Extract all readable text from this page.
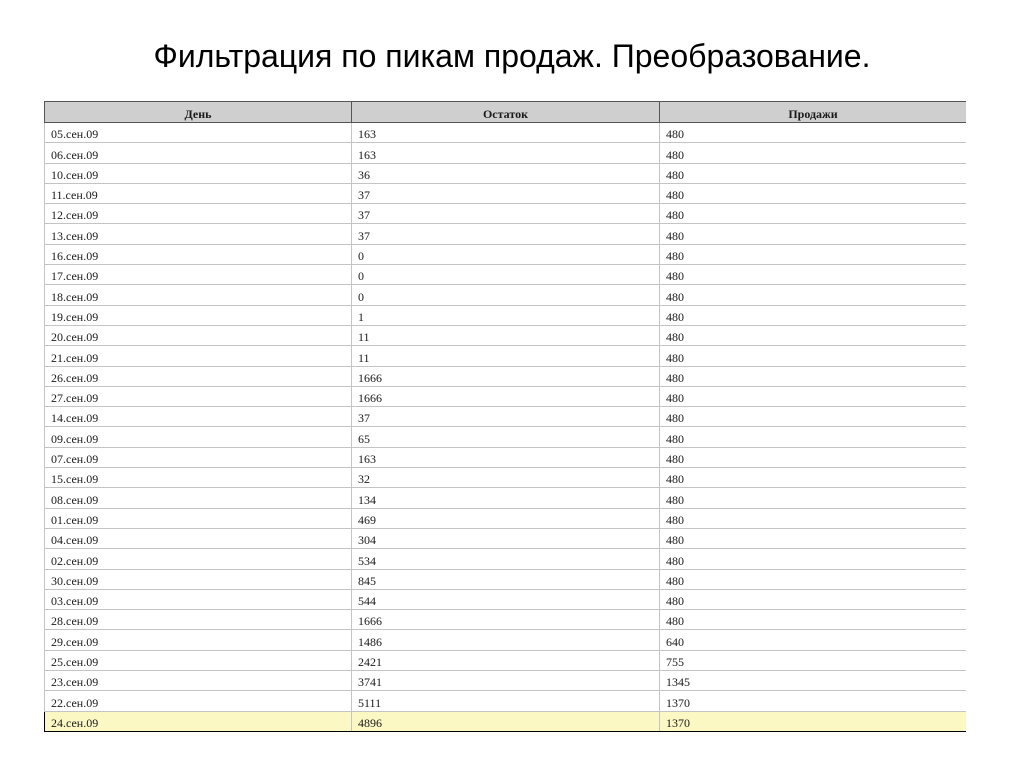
Фильтрация по пикам продаж. Преобразование.
День	Остаток	Продажи
05.сен.09	163	480
06.сен.09	163	480
10.сен.09	36	480
11.сен.09	37	480
12.сен.09	37	480
13.сен.09	37	480
16.сен.09	0	480
17.сен.09	0	480
18.сен.09	0	480
19.сен.09	1	480
20.сен.09	11	480
21.сен.09	11	480
26.сен.09	1666	480
27.сен.09	1666	480
14.сен.09	37	480
09.сен.09	65	480
07.сен.09	163	480
15.сен.09	32	480
08.сен.09	134	480
01.сен.09	469	480
04.сен.09	304	480
02.сен.09	534	480
30.сен.09	845	480
03.сен.09	544	480
28.сен.09	1666	480
29.сен.09	1486	640
25.сен.09	2421	755
23.сен.09	3741	1345
22.сен.09	5111	1370
24.сен.09	4896	1370
